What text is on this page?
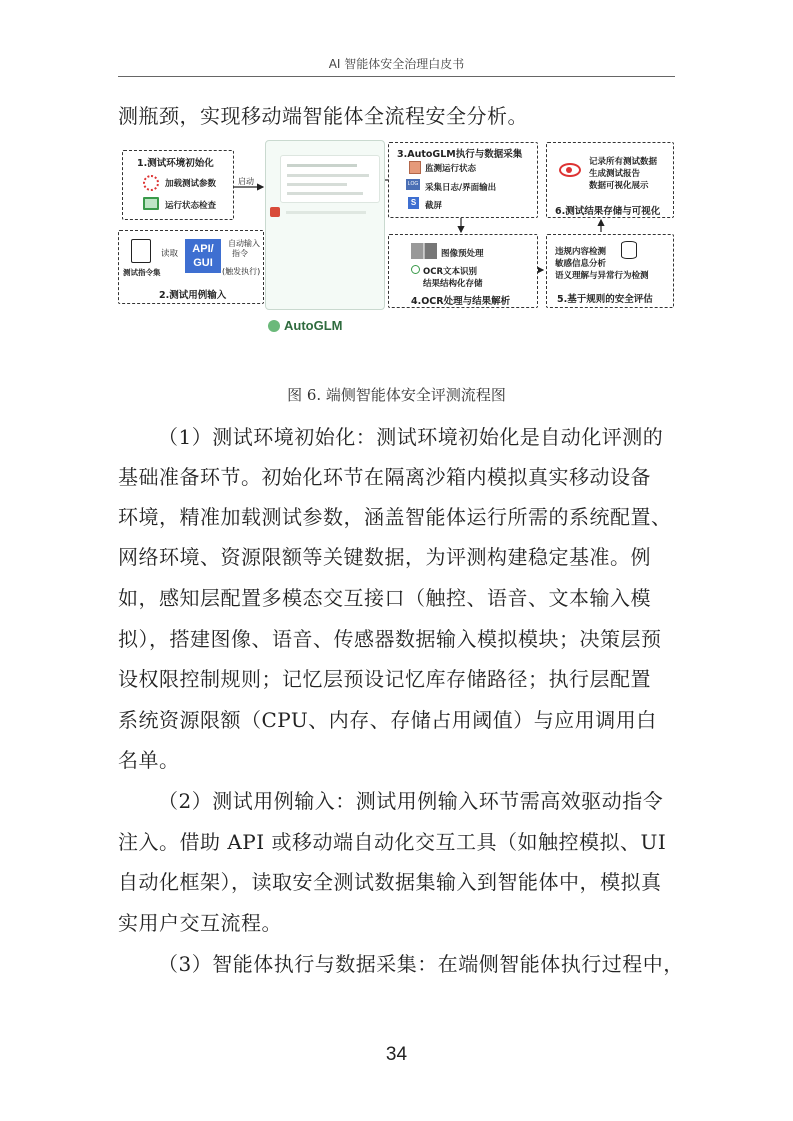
AI 智能体安全治理白皮书
测瓶颈，实现移动端智能体全流程安全分析。
1.测试环境初始化
加载测试参数
运行状态检查
测试指令集
读取	API/
GUI
2.测试用例输入
启动
自动输入
指令
(触发执行)
AutoGLM
3.AutoGLM执行与数据采集
监测运行状态
LOG 采集日志/界面输出
S	截屏
图像预处理
OCR文本识别
结果结构化存储
4.OCR处理与结果解析
记录所有测试数据
生成测试报告
数据可视化展示
6.测试结果存储与可视化
违规内容检测
敏感信息分析
语义理解与异常行为检测
5.基于规则的安全评估
图 6. 端侧智能体安全评测流程图
（1）测试环境初始化：测试环境初始化是自动化评测的
基础准备环节。初始化环节在隔离沙箱内模拟真实移动设备
环境，精准加载测试参数，涵盖智能体运行所需的系统配置、
网络环境、资源限额等关键数据，为评测构建稳定基准。例
如，感知层配置多模态交互接口（触控、语音、文本输入模
拟），搭建图像、语音、传感器数据输入模拟模块；决策层预
设权限控制规则；记忆层预设记忆库存储路径；执行层配置
系统资源限额（CPU、内存、存储占用阈值）与应用调用白
名单。
（2）测试用例输入：测试用例输入环节需高效驱动指令
注入。借助 API 或移动端自动化交互工具（如触控模拟、UI
自动化框架），读取安全测试数据集输入到智能体中，模拟真
实用户交互流程。
（3）智能体执行与数据采集：在端侧智能体执行过程中，
34
